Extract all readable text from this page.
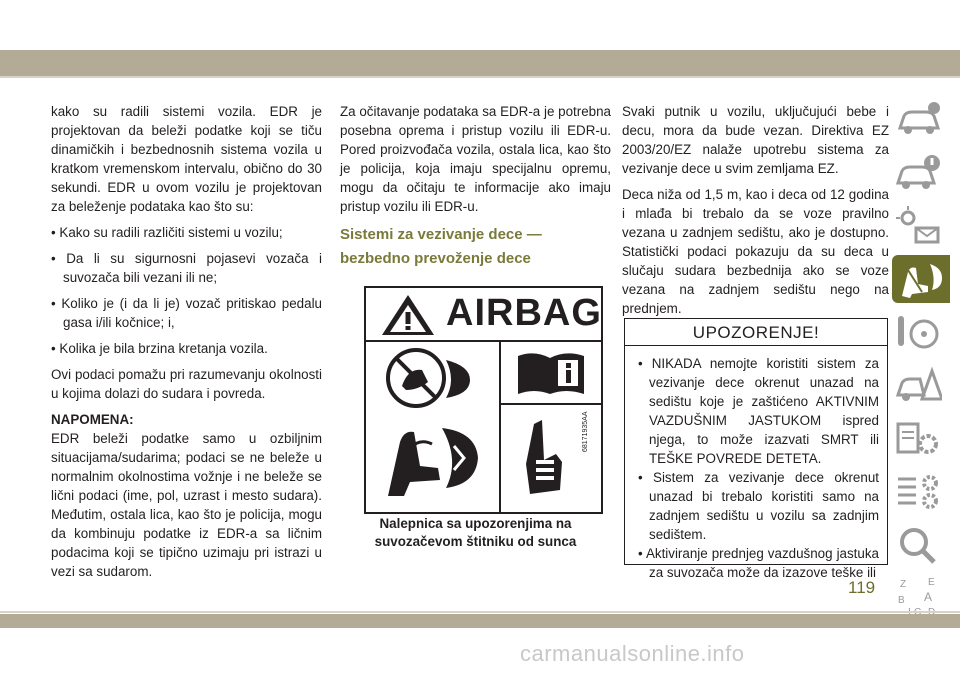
kako su radili sistemi vozila. EDR je projektovan da beleži podatke koji se tiču dinamičkih i bezbednosnih sistema vozila u kratkom vremenskom intervalu, obično do 30 sekundi. EDR u ovom vozilu je projektovan za beleženje podataka kao što su:

• Kako su radili različiti sistemi u vozilu;

• Da li su sigurnosni pojasevi vozača i suvozača bili vezani ili ne;

• Koliko je (i da li je) vozač pritiskao pedalu gasa i/ili kočnice; i,

• Kolika je bila brzina kretanja vozila.

Ovi podaci pomažu pri razumevanju okolnosti u kojima dolazi do sudara i povreda.

NAPOMENA:

EDR beleži podatke samo u ozbiljnim situacijama/sudarima; podaci se ne beleže u normalnim okolnostima vožnje i ne beleže se lični podaci (ime, pol, uzrast i mesto sudara). Međutim, ostala lica, kao što je policija, mogu da kombinuju podatke iz EDR-a sa ličnim podacima koji se tipično uzimaju pri istrazi u vezi sa sudarom.

Za očitavanje podataka sa EDR-a je potrebna posebna oprema i pristup vozilu ili EDR-u. Pored proizvođača vozila, ostala lica, kao što je policija, koja imaju specijalnu opremu, mogu da očitaju te informacije ako imaju pristup vozilu ili EDR-u.

Sistemi za vezivanje dece —
bezbedno prevoženje dece
AIRBAG
68171935AA
Nalepnica sa upozorenjima na
suvozačevom štitniku od sunca

Svaki putnik u vozilu, uključujući bebe i decu, mora da bude vezan. Direktiva EZ 2003/20/EZ nalaže upotrebu sistema za vezivanje dece u svim zemljama EZ.

Deca niža od 1,5 m, kao i deca od 12 godina i mlađa bi trebalo da se voze pravilno vezana u zadnjem sedištu, ako je dostupno. Statistički podaci pokazuju da su deca u slučaju sudara bezbednija ako se voze vezana na zadnjem sedištu nego na prednjem.

UPOZORENJE!

• NIKADA nemojte koristiti sistem za vezivanje dece okrenut unazad na sedištu koje je zaštićeno AKTIVNIM VAZDUŠNIM JASTUKOM ispred njega, to može izazvati SMRT ili TEŠKE POVREDE DETETA.

• Sistem za vezivanje dece okrenut unazad bi trebalo koristiti samo na zadnjem sedištu u vozilu sa zadnjim sedištem.

• Aktiviranje prednjeg vazdušnog jastuka za suvozača može da izazove teške ili

Z E
B A
119
carmanualsonline.info
